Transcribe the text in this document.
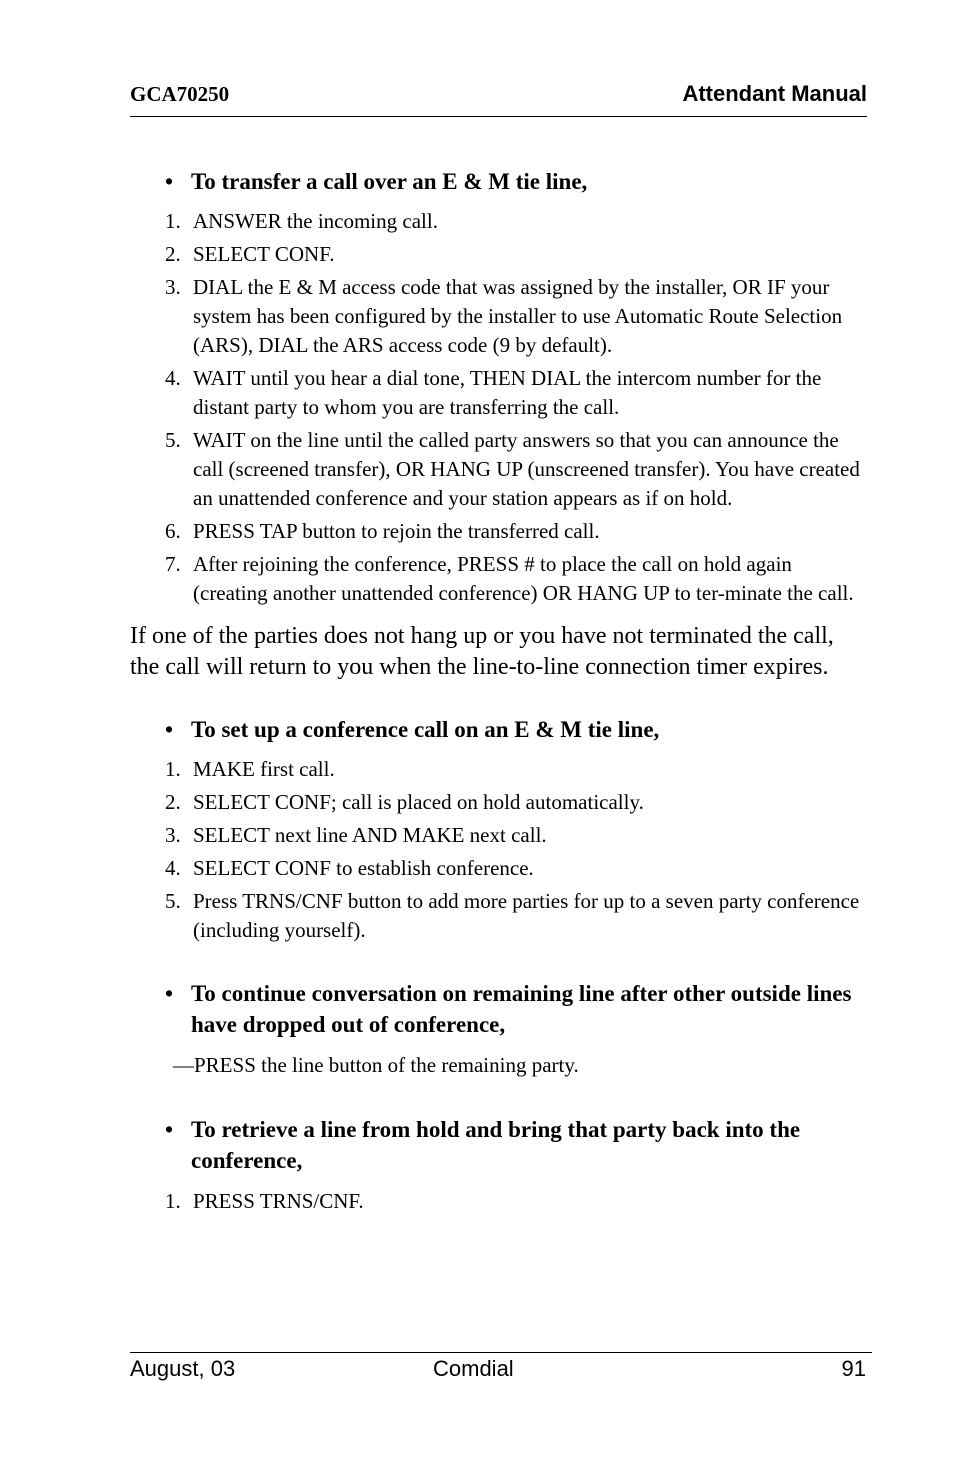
GCA70250	Attendant Manual
• To transfer a call over an E & M tie line,
1. ANSWER the incoming call.
2. SELECT CONF.
3. DIAL the E & M access code that was assigned by the installer, OR IF your system has been configured by the installer to use Automatic Route Selection (ARS), DIAL the ARS access code (9 by default).
4. WAIT until you hear a dial tone, THEN DIAL the intercom number for the distant party to whom you are transferring the call.
5. WAIT on the line until the called party answers so that you can announce the call (screened transfer), OR HANG UP (unscreened transfer). You have created an unattended conference and your station appears as if on hold.
6. PRESS TAP button to rejoin the transferred call.
7. After rejoining the conference, PRESS # to place the call on hold again (creating another unattended conference) OR HANG UP to ter-minate the call.
If one of the parties does not hang up or you have not terminated the call, the call will return to you when the line-to-line connection timer expires.
• To set up a conference call on an E & M tie line,
1. MAKE first call.
2. SELECT CONF; call is placed on hold automatically.
3. SELECT next line AND MAKE next call.
4. SELECT CONF to establish conference.
5. Press TRNS/CNF button to add more parties for up to a seven party conference (including yourself).
• To continue conversation on remaining line after other outside lines have dropped out of conference,
—PRESS the line button of the remaining party.
• To retrieve a line from hold and bring that party back into the conference,
1. PRESS TRNS/CNF.
August, 03	Comdial	91
